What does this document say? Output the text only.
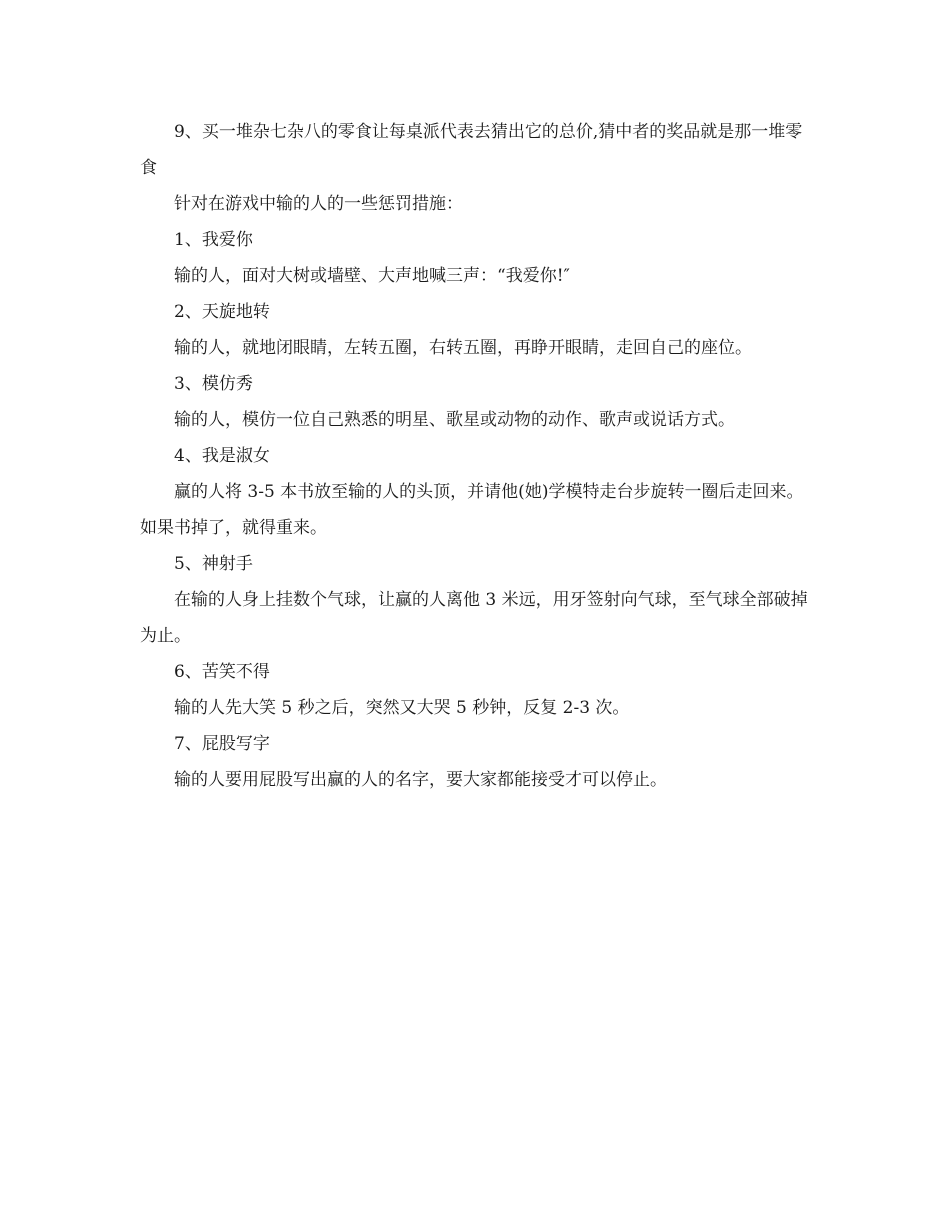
9、买一堆杂七杂八的零食让每桌派代表去猜出它的总价,猜中者的奖品就是那一堆零食

针对在游戏中输的人的一些惩罚措施：

1、我爱你

输的人，面对大树或墙壁、大声地喊三声：“我爱你!″

2、天旋地转

输的人，就地闭眼睛，左转五圈，右转五圈，再睁开眼睛，走回自己的座位。

3、模仿秀

输的人，模仿一位自己熟悉的明星、歌星或动物的动作、歌声或说话方式。

4、我是淑女

赢的人将 3-5 本书放至输的人的头顶，并请他(她)学模特走台步旋转一圈后走回来。如果书掉了，就得重来。

5、神射手

在输的人身上挂数个气球，让赢的人离他 3 米远，用牙签射向气球，至气球全部破掉为止。

6、苦笑不得

输的人先大笑 5 秒之后，突然又大哭 5 秒钟，反复 2-3 次。

7、屁股写字

输的人要用屁股写出赢的人的名字，要大家都能接受才可以停止。
